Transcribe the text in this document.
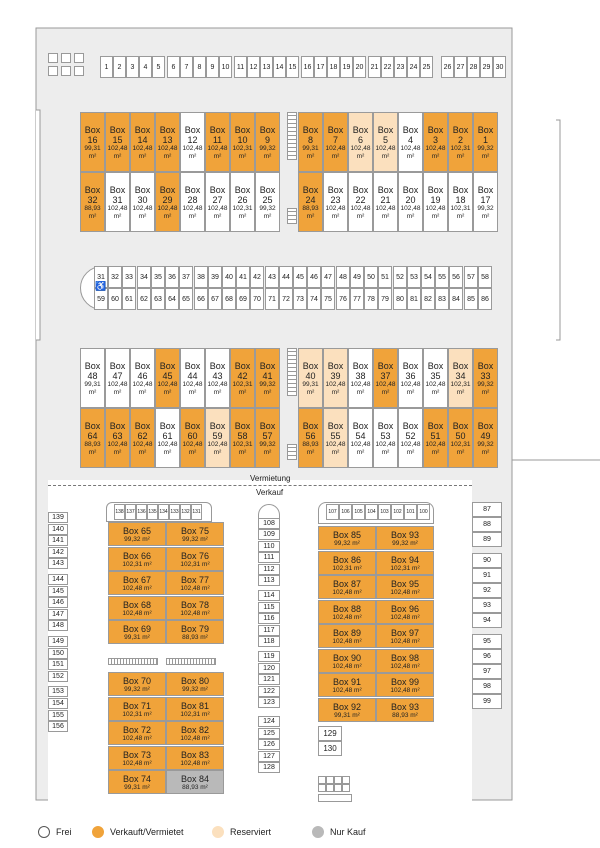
1	2	3	4	5	6	7	8	9	10	11 12 13 14 15	16 17 18 19 20	21 22 23 24 25	26 27 28 29 30
Box
16
99,31
m²
Box
15
102,48
m²
Box
14
102,48
m²
Box
13
102,48
m²
Box
12
102,48
m²
Box
11
102,48
m²
Box
10
102,31
m²
Box
9
99,32
m²
Box
8
99,31
m²
Box
7
102,48
m²
Box
6
102,48
m²
Box
5
102,48
m²
Box
4
102,48
m²
Box
3
102,48
m²
Box
2
102,31
m²
Box
1
99,32
m²
Box
32
88,93
m²
Box
31
102,48
m²
Box
30
102,48
m²
Box
29
102,48
m²
Box
28
102,48
m²
Box
27
102,48
m²
Box
26
102,31
m²
Box
25
99,32
m²
Box
24
88,93
m²
Box
23
102,48
m²
Box
22
102,48
m²
Box
21
102,48
m²
Box
20
102,48
m²
Box
19
102,48
m²
Box
18
102,31
m²
Box
17
99,32
m²
Box
48
99,31
m²
Box
47
102,48
m²
Box
46
102,48
m²
Box
45
102,48
m²
Box
44
102,48
m²
Box
43
102,48
m²
Box
42
102,31
m²
Box
41
99,32
m²
Box
40
99,31
m²
Box
39
102,48
m²
Box
38
102,48
m²
Box
37
102,48
m²
Box
36
102,48
m²
Box
35
102,48
m²
Box
34
102,31
m²
Box
33
99,32
m²
Box
64
88,93
m²
Box
63
102,48
m²
Box
62
102,48
m²
Box
61
102,48
m²
Box
60
102,48
m²
Box
59
102,48
m²
Box
58
102,31
m²
Box
57
99,32
m²
Box
56
88,93
m²
Box
55
102,48
m²
Box
54
102,48
m²
Box
53
102,48
m²
Box
52
102,48
m²
Box
51
102,48
m²
Box
50
102,31
m²
Box
49
99,32
m²
31 32 33	34 35 36 37	38 39 40 41 42	43 44 45 46 47	48 49 50 51	52 53 54 55 56	57 58
59 60 61	62 63 64 65	66 67 68 69 70	71 72 73 74 75	76 77 78 79	80 81 82 83 84	85 86
♿
Vermietung
Verkauf
139
140
141
142
143
144
145
146
147
148
149
150
151
152
153
154
155
156
138 137 136 135 134 133 132 131
Box 65
99,32 m²
Box 75
99,32 m²
Box 66
102,31 m²
Box 76
102,31 m²
Box 67
102,48 m²
Box 77
102,48 m²
Box 68
102,48 m²
Box 78
102,48 m²
Box 69
99,31 m²
Box 79
88,93 m²
Box 70
99,32 m²
Box 80
99,32 m²
Box 71
102,31 m²
Box 81
102,31 m²
Box 72
102,48 m²
Box 82
102,48 m²
Box 73
102,48 m²
Box 83
102,48 m²
Box 74
99,31 m²
Box 84
88,93 m²
108
109
110
111
112
113
114
115
116
117
118
119
120
121
122
123
124
125
126
127
128
107 106 105 104 103 102 101 100
Box 85
99,32 m²
Box 93
99,32 m²
Box 86
102,31 m²
Box 94
102,31 m²
Box 87
102,48 m²
Box 95
102,48 m²
Box 88
102,48 m²
Box 96
102,48 m²
Box 89
102,48 m²
Box 97
102,48 m²
Box 90
102,48 m²
Box 98
102,48 m²
Box 91
102,48 m²
Box 99
102,48 m²
Box 92
99,31 m²
Box 93
88,93 m²
129
130
87
88
89
90
91
92
93
94
95
96
97
98
99
Frei	Verkauft/Vermietet	Reserviert	Nur Kauf
